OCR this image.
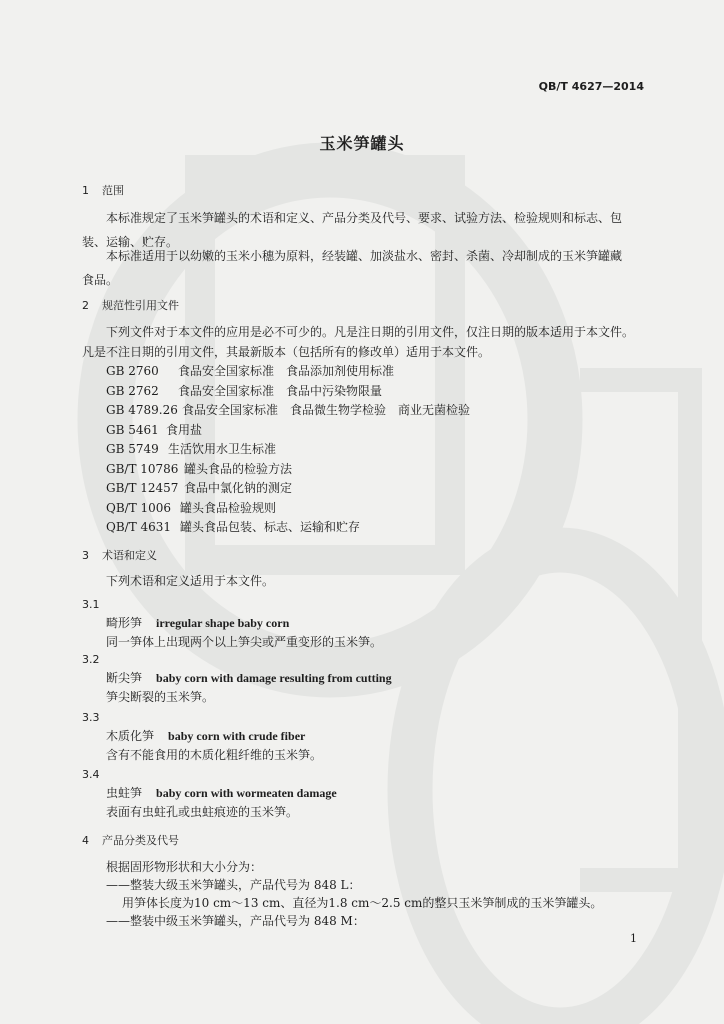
QB/T 4627—2014
玉米笋罐头
1 范围
本标准规定了玉米笋罐头的术语和定义、产品分类及代号、要求、试验方法、检验规则和标志、包
装、运输、贮存。
本标准适用于以幼嫩的玉米小穗为原料，经装罐、加淡盐水、密封、杀菌、冷却制成的玉米笋罐藏
食品。
2 规范性引用文件
下列文件对于本文件的应用是必不可少的。凡是注日期的引用文件，仅注日期的版本适用于本文件。
凡是不注日期的引用文件，其最新版本（包括所有的修改单）适用于本文件。
GB 2760 食品安全国家标准　食品添加剂使用标准
GB 2762 食品安全国家标准　食品中污染物限量
GB 4789.26 食品安全国家标准　食品微生物学检验　商业无菌检验
GB 5461 食用盐
GB 5749 生活饮用水卫生标准
GB/T 10786 罐头食品的检验方法
GB/T 12457 食品中氯化钠的测定
QB/T 1006 罐头食品检验规则
QB/T 4631 罐头食品包装、标志、运输和贮存
3 术语和定义
下列术语和定义适用于本文件。
3.1
畸形笋 irregular shape baby corn
同一笋体上出现两个以上笋尖或严重变形的玉米笋。
3.2
断尖笋 baby corn with damage resulting from cutting
笋尖断裂的玉米笋。
3.3
木质化笋 baby corn with crude fiber
含有不能食用的木质化粗纤维的玉米笋。
3.4
虫蛀笋 baby corn with wormeaten damage
表面有虫蛀孔或虫蛀痕迹的玉米笋。
4 产品分类及代号
根据固形物形状和大小分为：
——整装大级玉米笋罐头，产品代号为 848 L：
用笋体长度为10 cm～13 cm、直径为1.8 cm～2.5 cm的整只玉米笋制成的玉米笋罐头。
——整装中级玉米笋罐头，产品代号为 848 M：
1
